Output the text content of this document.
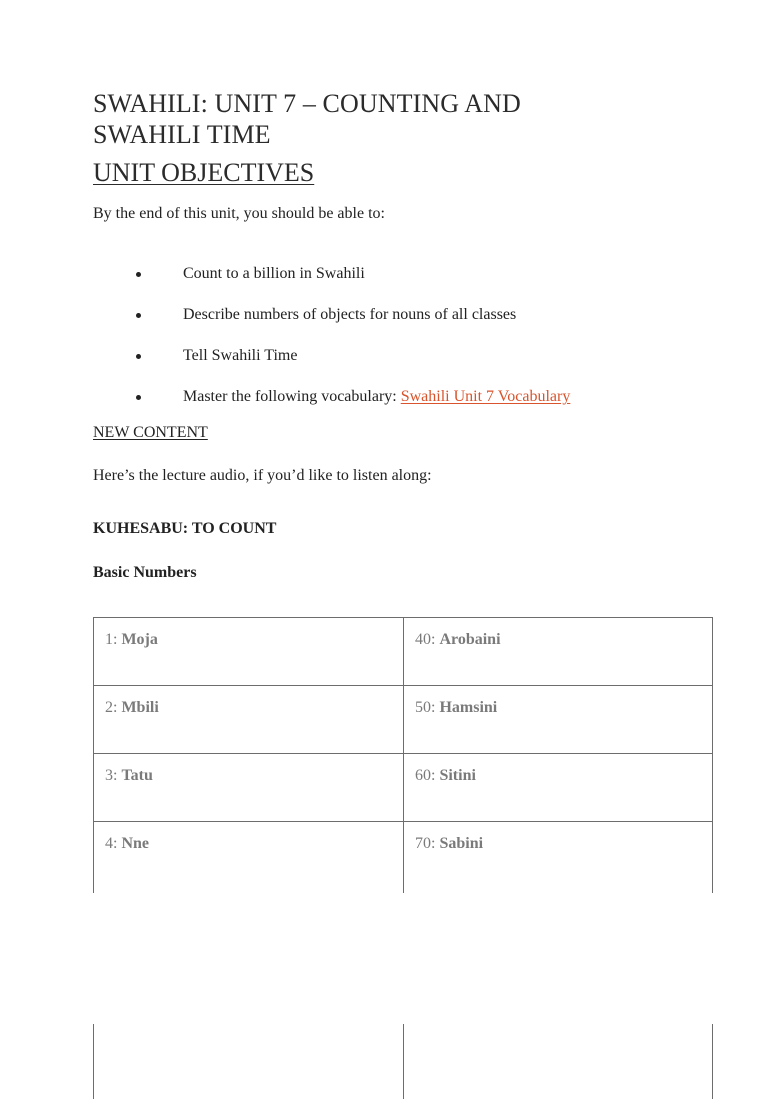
SWAHILI: UNIT 7 – COUNTING AND
SWAHILI TIME
UNIT OBJECTIVES
By the end of this unit, you should be able to:
Count to a billion in Swahili
Describe numbers of objects for nouns of all classes
Tell Swahili Time
Master the following vocabulary: Swahili Unit 7 Vocabulary
NEW CONTENT
Here’s the lecture audio, if you’d like to listen along:
KUHESABU: TO COUNT
Basic Numbers
1: Moja	40: Arobaini
2: Mbili	50: Hamsini
3: Tatu	60: Sitini
4: Nne	70: Sabini
